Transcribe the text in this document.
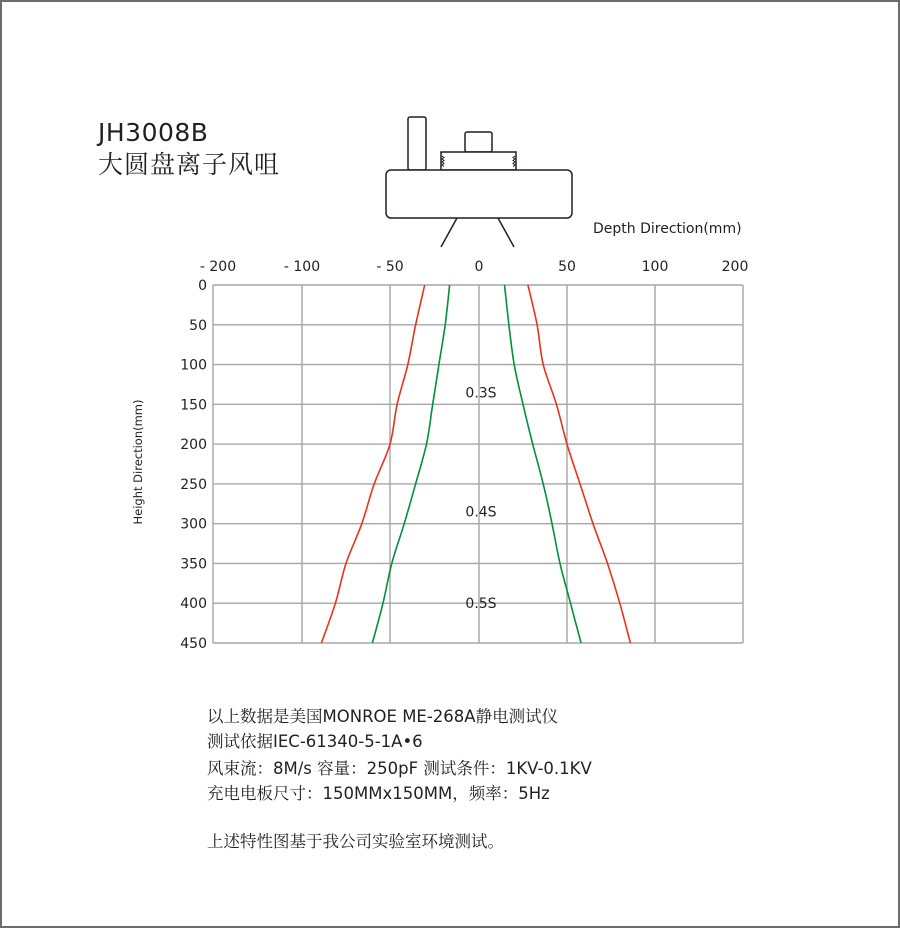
JH3008B
大圆盘离子风咀
Depth Direction(mm)
- 200	- 100	- 50	0	50	100	200
0
50
100
150
200
250
300
350
400
450
0.3S
0.4S
0.5S
Height Direction(mm)
以上数据是美国MONROE ME-268A静电测试仪
测试依据IEC-61340-5-1A•6
风束流：8M/s 容量：250pF 测试条件：1KV-0.1KV
充电电板尺寸：150MMx150MM，频率：5Hz
上述特性图基于我公司实验室环境测试。
